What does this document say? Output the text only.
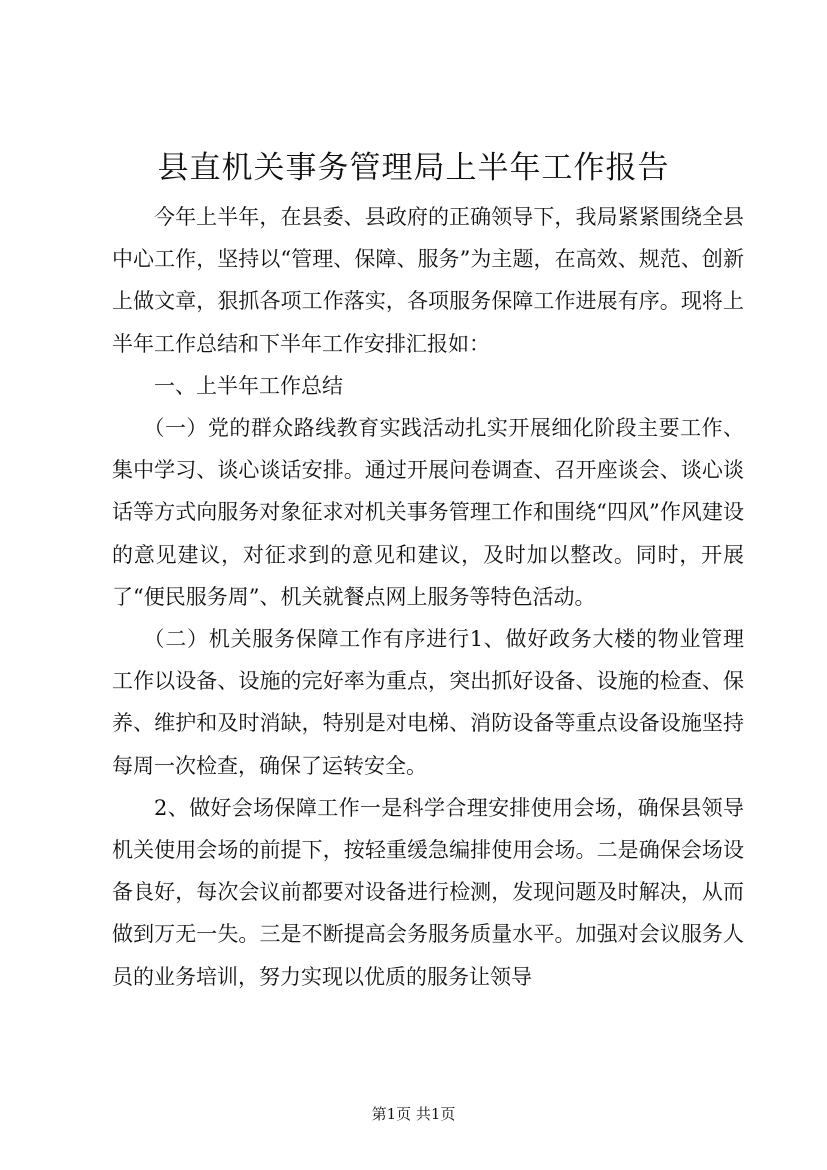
县直机关事务管理局上半年工作报告

今年上半年，在县委、县政府的正确领导下，我局紧紧围绕全县中心工作，坚持以“管理、保障、服务”为主题，在高效、规范、创新上做文章，狠抓各项工作落实，各项服务保障工作进展有序。现将上半年工作总结和下半年工作安排汇报如：

一、上半年工作总结

（一）党的群众路线教育实践活动扎实开展细化阶段主要工作、集中学习、谈心谈话安排。通过开展问卷调查、召开座谈会、谈心谈话等方式向服务对象征求对机关事务管理工作和围绕“四风”作风建设的意见建议，对征求到的意见和建议，及时加以整改。同时，开展了“便民服务周”、机关就餐点网上服务等特色活动。

（二）机关服务保障工作有序进行1、做好政务大楼的物业管理工作以设备、设施的完好率为重点，突出抓好设备、设施的检查、保养、维护和及时消缺，特别是对电梯、消防设备等重点设备设施坚持每周一次检查，确保了运转安全。

2、做好会场保障工作一是科学合理安排使用会场，确保县领导机关使用会场的前提下，按轻重缓急编排使用会场。二是确保会场设备良好，每次会议前都要对设备进行检测，发现问题及时解决，从而做到万无一失。三是不断提高会务服务质量水平。加强对会议服务人员的业务培训，努力实现以优质的服务让领导

第1页 共1页
